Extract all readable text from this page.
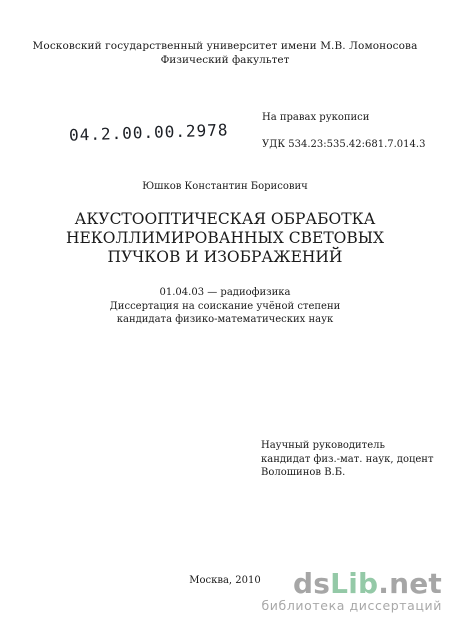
Московский государственный университет имени М.В. Ломоносова
Физический факультет
На правах рукописи
04.2.00.00.2978	УДК 534.23:535.42:681.7.014.3
Юшков Константин Борисович
АКУСТООПТИЧЕСКАЯ ОБРАБОТКА
НЕКОЛЛИМИРОВАННЫХ СВЕТОВЫХ
ПУЧКОВ И ИЗОБРАЖЕНИЙ
01.04.03 — радиофизика
Диссертация на соискание учёной степени
кандидата физико-математических наук
Научный руководитель
кандидат физ.-мат. наук, доцент
Волошинов В.Б.
Москва, 2010	dsLib.net
библиотека диссертаций
